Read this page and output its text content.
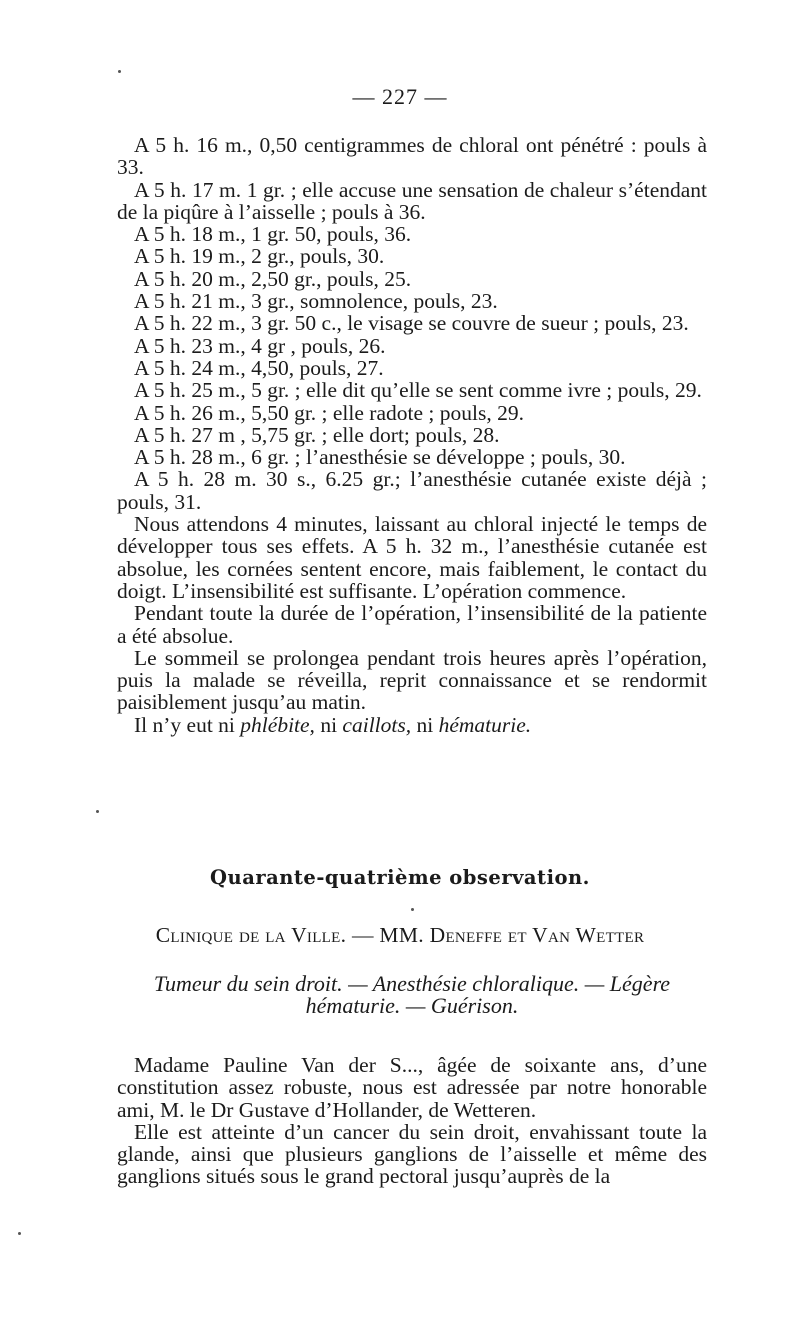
— 227 —

A 5 h. 16 m., 0,50 centigrammes de chloral ont pénétré : pouls à 33.

A 5 h. 17 m. 1 gr. ; elle accuse une sensation de chaleur s’étendant de la piqûre à l’aisselle ; pouls à 36.

A 5 h. 18 m., 1 gr. 50, pouls, 36.

A 5 h. 19 m., 2 gr., pouls, 30.

A 5 h. 20 m., 2,50 gr., pouls, 25.

A 5 h. 21 m., 3 gr., somnolence, pouls, 23.

A 5 h. 22 m., 3 gr. 50 c., le visage se couvre de sueur ; pouls, 23.

A 5 h. 23 m., 4 gr , pouls, 26.

A 5 h. 24 m., 4,50, pouls, 27.

A 5 h. 25 m., 5 gr. ; elle dit qu’elle se sent comme ivre ; pouls, 29.

A 5 h. 26 m., 5,50 gr. ; elle radote ; pouls, 29.

A 5 h. 27 m , 5,75 gr. ; elle dort; pouls, 28.

A 5 h. 28 m., 6 gr. ; l’anesthésie se développe ; pouls, 30.

A 5 h. 28 m. 30 s., 6.25 gr.; l’anesthésie cutanée existe déjà ; pouls, 31.

Nous attendons 4 minutes, laissant au chloral injecté le temps de développer tous ses effets. A 5 h. 32 m., l’anesthésie cutanée est absolue, les cornées sentent encore, mais faiblement, le contact du doigt. L’insensibilité est suffisante. L’opération commence.

Pendant toute la durée de l’opération, l’insensibilité de la patiente a été absolue.

Le sommeil se prolongea pendant trois heures après l’opération, puis la malade se réveilla, reprit connaissance et se rendormit paisiblement jusqu’au matin.

Il n’y eut ni phlébite, ni caillots, ni hématurie.

Quarante-quatrième observation.
Clinique de la Ville. — MM. Deneffe et Van Wetter
Tumeur du sein droit. — Anesthésie chloralique. — Légère hématurie. — Guérison.

Madame Pauline Van der S..., âgée de soixante ans, d’une constitution assez robuste, nous est adressée par notre honorable ami, M. le Dr Gustave d’Hollander, de Wetteren.

Elle est atteinte d’un cancer du sein droit, envahissant toute la glande, ainsi que plusieurs ganglions de l’aisselle et même des ganglions situés sous le grand pectoral jusqu’auprès de la
